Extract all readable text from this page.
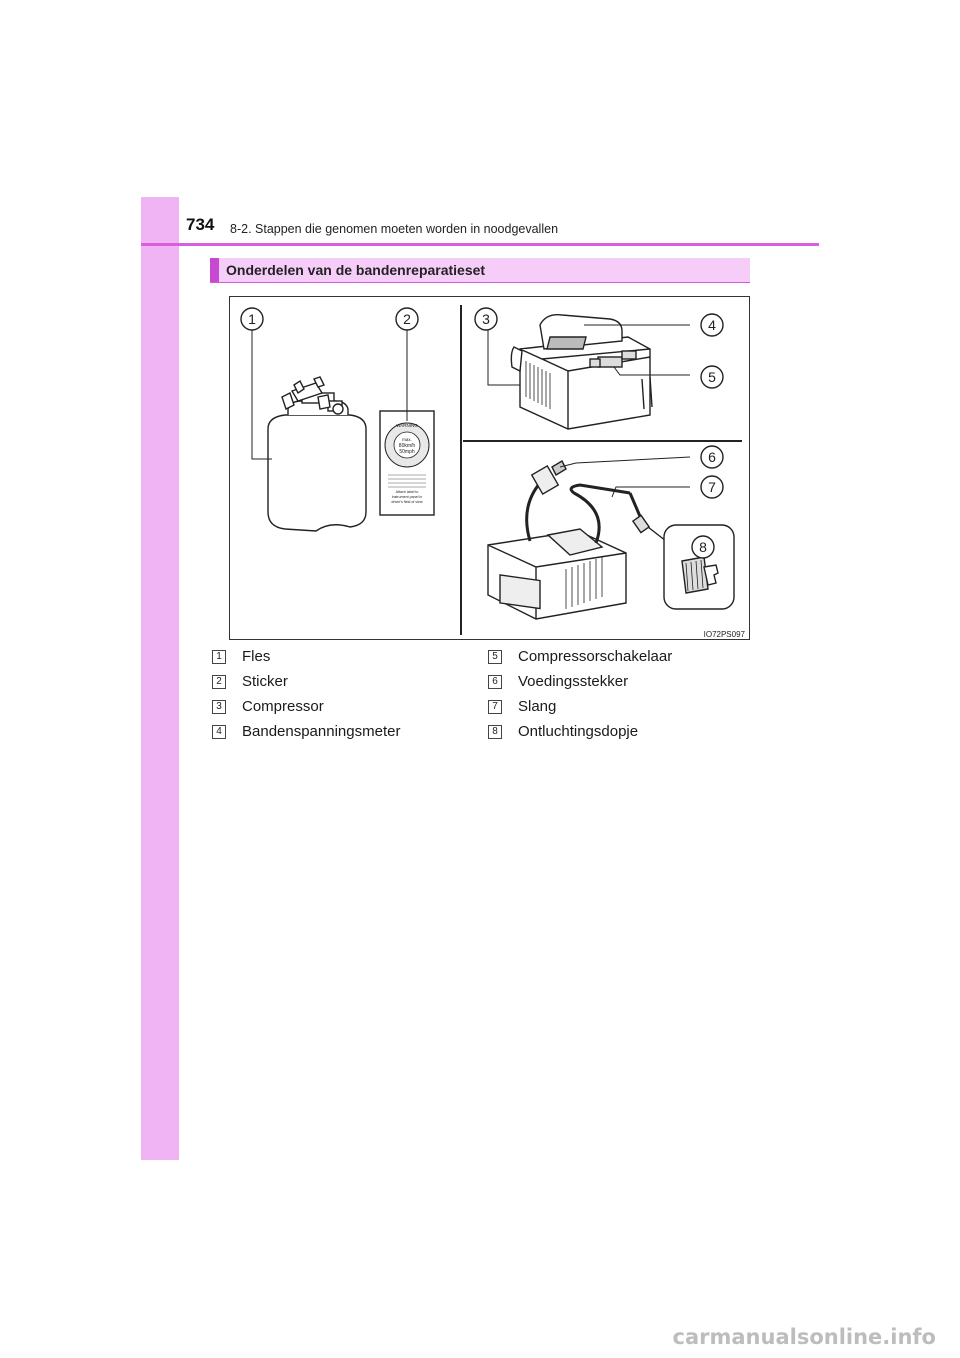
734 8-2. Stappen die genomen moeten worden in noodgevallen
Onderdelen van de bandenreparatieset
WARNING
max.
80km/h
50mph
Attach label to
instrument panel in
driver's field of view
1	2	3	4
5
6
7
8
IO72PS097
1 Fles
2 Sticker
3 Compressor
4 Bandenspanningsmeter
5 Compressorschakelaar
6 Voedingsstekker
7 Slang
8 Ontluchtingsdopje
carmanualsonline.info
